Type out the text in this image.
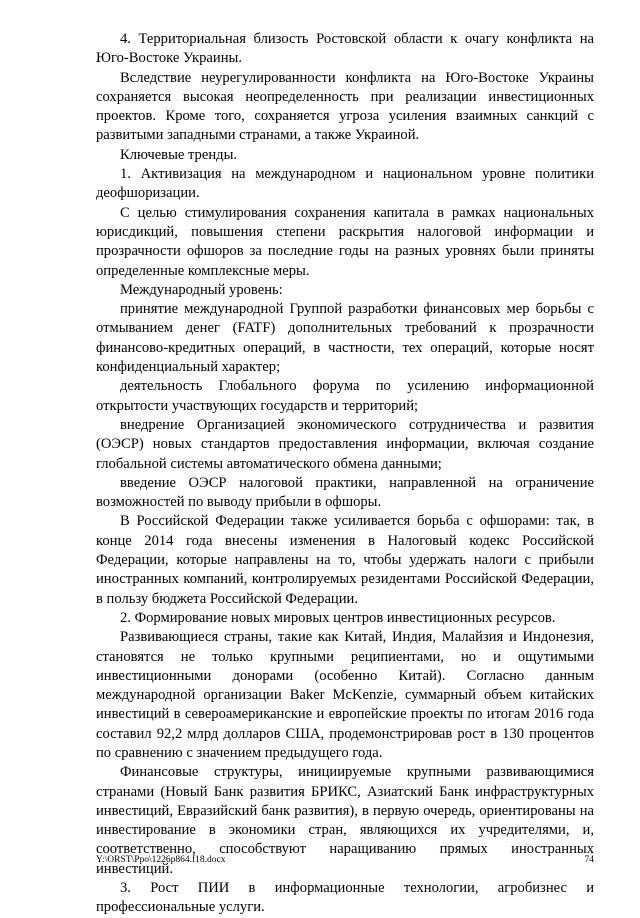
4. Территориальная близость Ростовской области к очагу конфликта на Юго-Востоке Украины.

Вследствие неурегулированности конфликта на Юго-Востоке Украины сохраняется высокая неопределенность при реализации инвестиционных проектов. Кроме того, сохраняется угроза усиления взаимных санкций с развитыми западными странами, а также Украиной.

Ключевые тренды.

1. Активизация на международном и национальном уровне политики деофшоризации.

С целью стимулирования сохранения капитала в рамках национальных юрисдикций, повышения степени раскрытия налоговой информации и прозрачности офшоров за последние годы на разных уровнях были приняты определенные комплексные меры.

Международный уровень:

принятие международной Группой разработки финансовых мер борьбы с отмыванием денег (FATF) дополнительных требований к прозрачности финансово-кредитных операций, в частности, тех операций, которые носят конфиденциальный характер;

деятельность Глобального форума по усилению информационной открытости участвующих государств и территорий;

внедрение Организацией экономического сотрудничества и развития (ОЭСР) новых стандартов предоставления информации, включая создание глобальной системы автоматического обмена данными;

введение ОЭСР налоговой практики, направленной на ограничение возможностей по выводу прибыли в офшоры.

В Российской Федерации также усиливается борьба с офшорами: так, в конце 2014 года внесены изменения в Налоговый кодекс Российской Федерации, которые направлены на то, чтобы удержать налоги с прибыли иностранных компаний, контролируемых резидентами Российской Федерации, в пользу бюджета Российской Федерации.

2. Формирование новых мировых центров инвестиционных ресурсов.

Развивающиеся страны, такие как Китай, Индия, Малайзия и Индонезия, становятся не только крупными реципиентами, но и ощутимыми инвестиционными донорами (особенно Китай). Согласно данным международной организации Baker McKenzie, суммарный объем китайских инвестиций в североамериканские и европейские проекты по итогам 2016 года составил 92,2 млрд долларов США, продемонстрировав рост в 130 процентов по сравнению с значением предыдущего года.

Финансовые структуры, инициируемые крупными развивающимися странами (Новый Банк развития БРИКС, Азиатский Банк инфраструктурных инвестиций, Евразийский банк развития), в первую очередь, ориентированы на инвестирование в экономики стран, являющихся их учредителями, и, соответственно, способствуют наращиванию прямых иностранных инвестиций.

3. Рост ПИИ в информационные технологии, агробизнес и профессиональные услуги.

Y:\ORST\Ppo\1226p864.f18.docx	74
